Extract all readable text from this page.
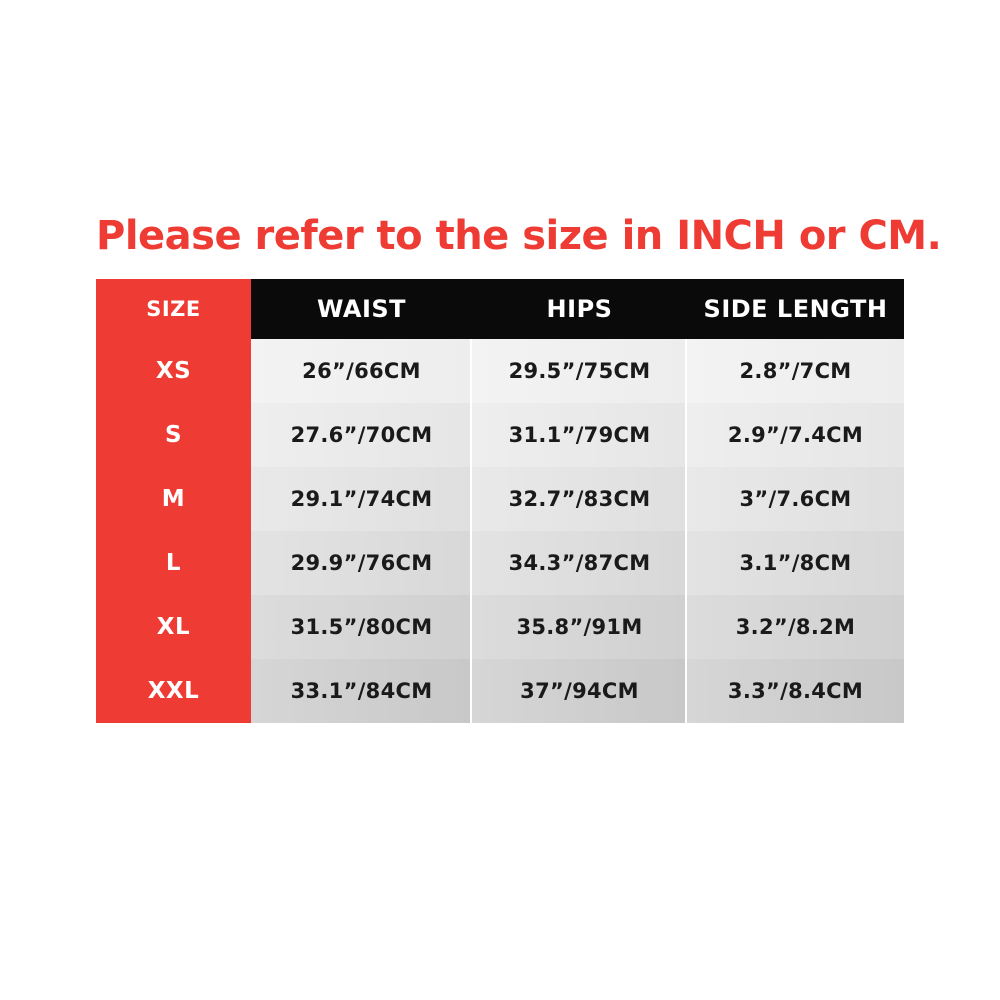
Please refer to the size in INCH or CM.
SIZE	WAIST	HIPS	SIDE LENGTH
XS	26”/66CM	29.5”/75CM	2.8”/7CM
S	27.6”/70CM	31.1”/79CM	2.9”/7.4CM
M	29.1”/74CM	32.7”/83CM	3”/7.6CM
L	29.9”/76CM	34.3”/87CM	3.1”/8CM
XL	31.5”/80CM	35.8”/91M	3.2”/8.2M
XXL	33.1”/84CM	37”/94CM	3.3”/8.4CM
